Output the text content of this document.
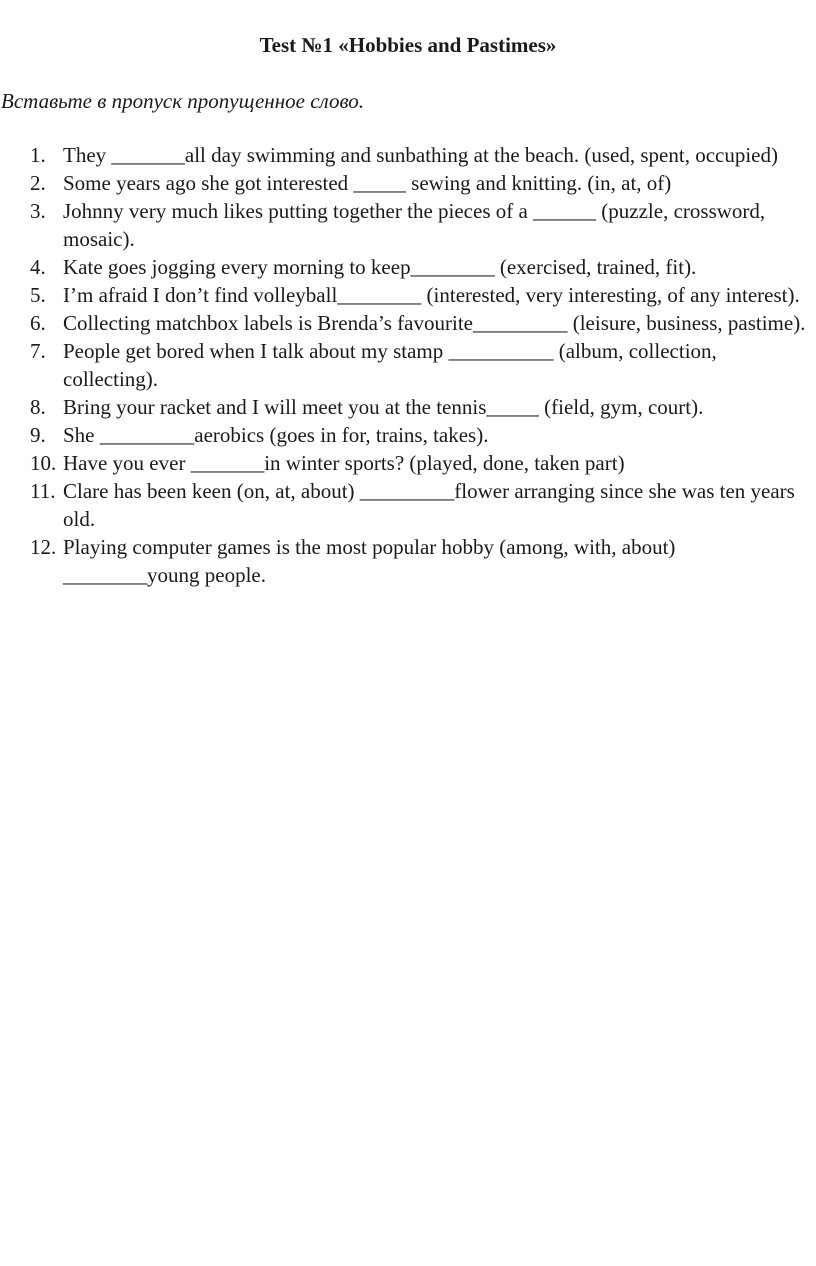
Test №1 «Hobbies and Pastimes»

Вставьте в пропуск пропущенное слово.

1. They _______all day swimming and sunbathing at the beach. (used, spent, occupied)
2. Some years ago she got interested _____ sewing and knitting. (in, at, of)
3. Johnny very much likes putting together the pieces of a ______ (puzzle, crossword, mosaic).
4. Kate goes jogging every morning to keep________ (exercised, trained, fit).
5. I’m afraid I don’t find volleyball________ (interested, very interesting, of any interest).
6. Collecting matchbox labels is Brenda’s favourite_________ (leisure, business, pastime).
7. People get bored when I talk about my stamp __________ (album, collection, collecting).
8. Bring your racket and I will meet you at the tennis_____ (field, gym, court).
9. She _________aerobics (goes in for, trains, takes).
10. Have you ever _______in winter sports? (played, done, taken part)
11. Clare has been keen (on, at, about) _________flower arranging since she was ten years old.
12. Playing computer games is the most popular hobby (among, with, about) ________young people.
